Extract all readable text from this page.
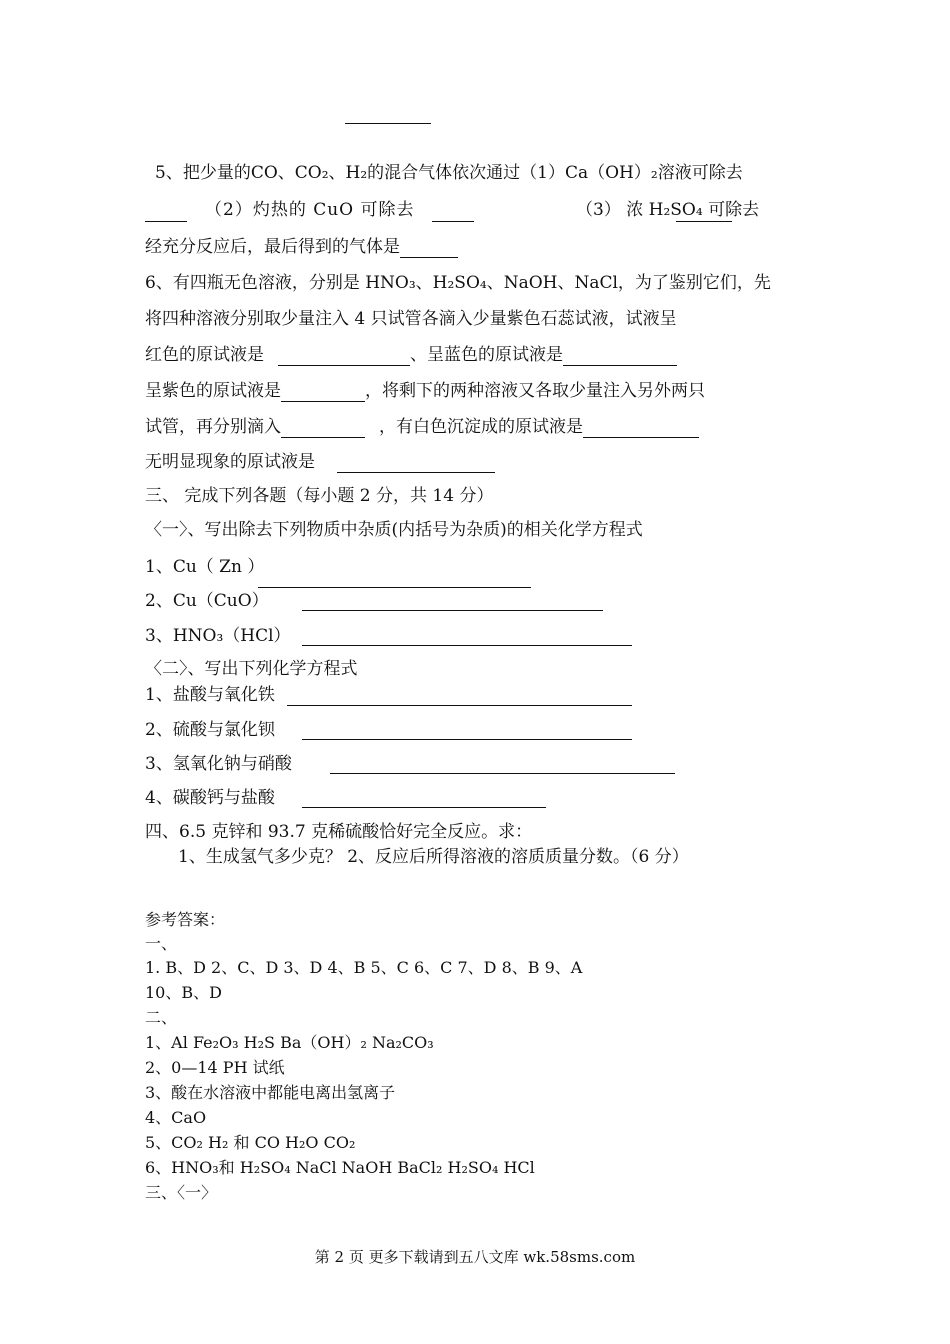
5、把少量的CO、CO₂、H₂的混合气体依次通过（1）Ca（OH）₂溶液可除去
（2）灼热的 CuO 可除去	（3） 浓 H₂SO₄ 可除去
经充分反应后，最后得到的气体是
6、有四瓶无色溶液，分别是 HNO₃、H₂SO₄、NaOH、NaCl，为了鉴别它们，先
将四种溶液分别取少量注入 4 只试管各滴入少量紫色石蕊试液，试液呈
红色的原试液是	、呈蓝色的原试液是
呈紫色的原试液是	，将剩下的两种溶液又各取少量注入另外两只
试管，再分别滴入	，有白色沉淀成的原试液是
无明显现象的原试液是
三、 完成下列各题（每小题 2 分，共 14 分）
〈一〉、写出除去下列物质中杂质(内括号为杂质)的相关化学方程式
1、Cu（ Zn ）
2、Cu（CuO）
3、HNO₃（HCl）
〈二〉、写出下列化学方程式
1、盐酸与氧化铁
2、硫酸与氯化钡
3、氢氧化钠与硝酸
4、碳酸钙与盐酸
四、6.5 克锌和 93.7 克稀硫酸恰好完全反应。求：
1、生成氢气多少克？ 2、反应后所得溶液的溶质质量分数。（6 分）
参考答案：
一、
1. B、D 2、C、D 3、D 4、B 5、C 6、C 7、D 8、B 9、A
10、B、D
二、
1、Al Fe₂O₃ H₂S Ba（OH）₂ Na₂CO₃
2、0—14 PH 试纸
3、酸在水溶液中都能电离出氢离子
4、CaO
5、CO₂ H₂ 和 CO H₂O CO₂
6、HNO₃和 H₂SO₄ NaCl NaOH BaCl₂ H₂SO₄ HCl
三、〈一〉
第 2 页 更多下载请到五八文库 wk.58sms.com
